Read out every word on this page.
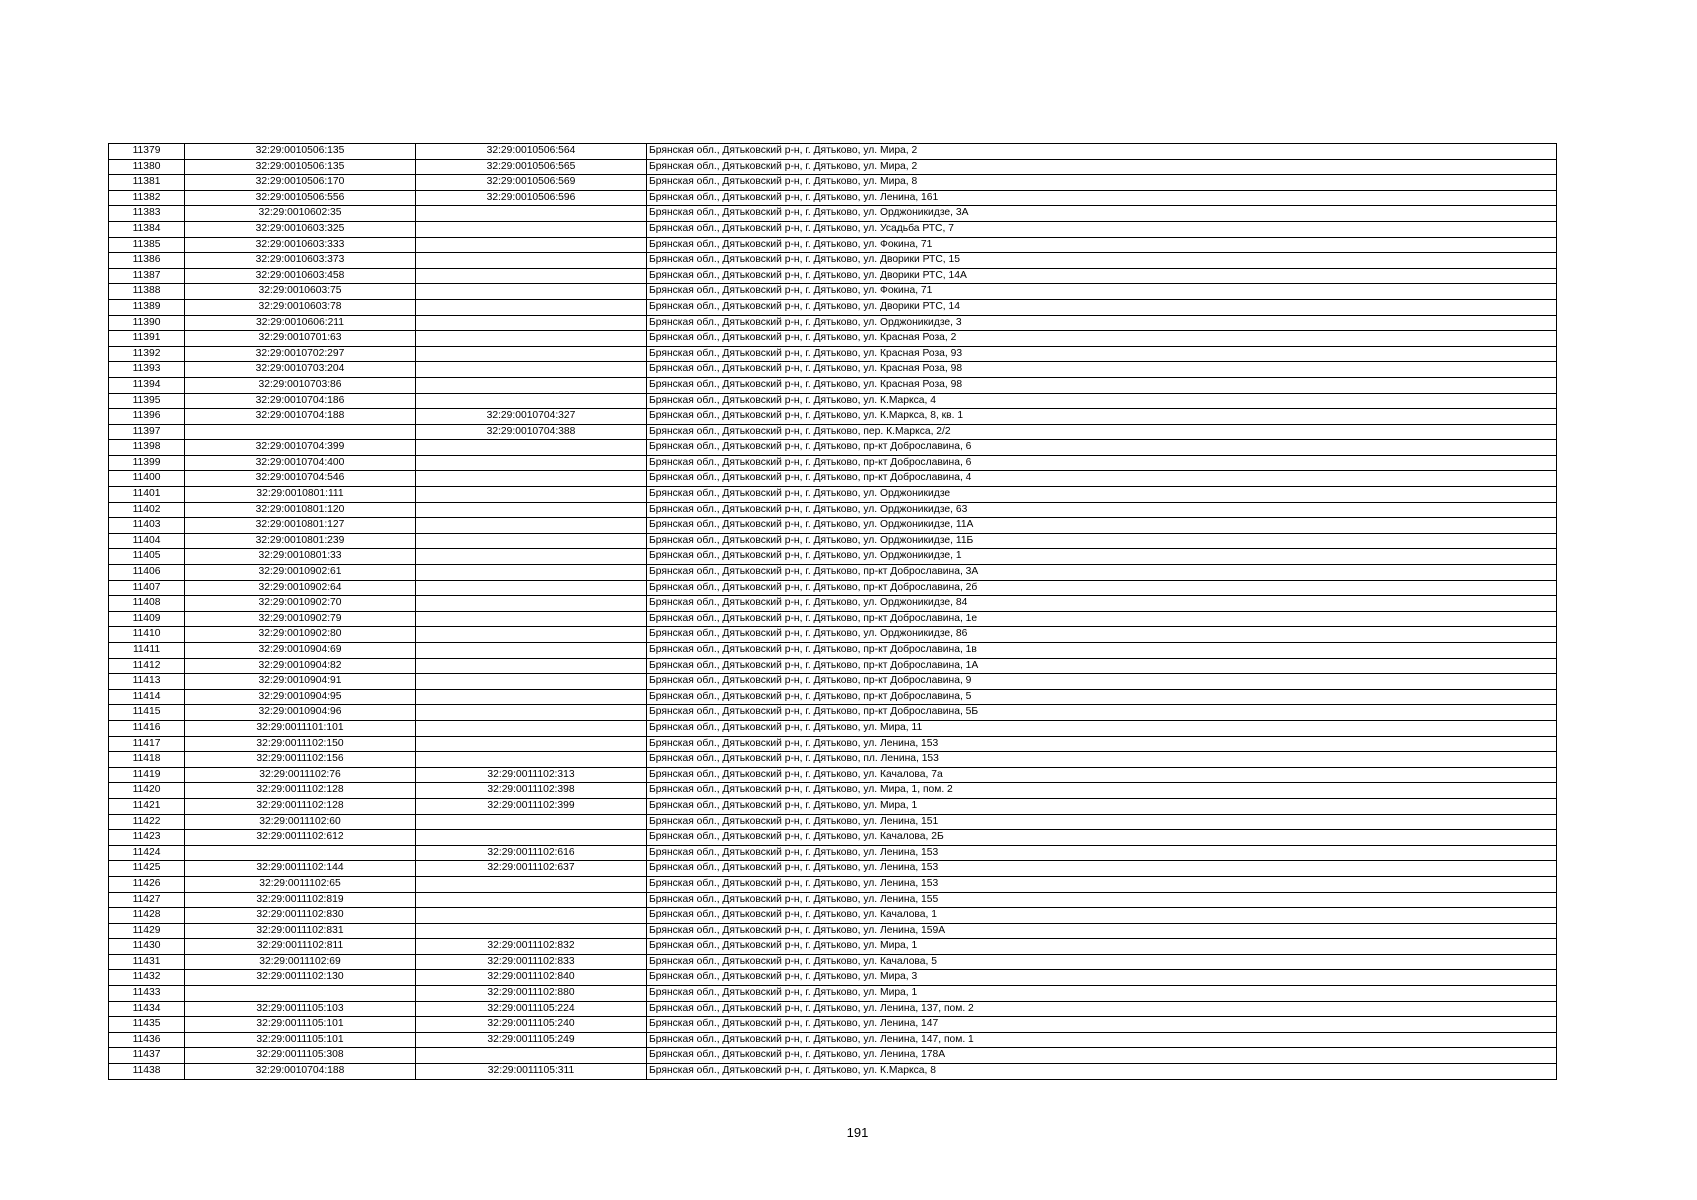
11379	32:29:0010506:135	32:29:0010506:564	Брянская обл., Дятьковский р-н, г. Дятьково, ул. Мира, 2
11380	32:29:0010506:135	32:29:0010506:565	Брянская обл., Дятьковский р-н, г. Дятьково, ул. Мира, 2
11381	32:29:0010506:170	32:29:0010506:569	Брянская обл., Дятьковский р-н, г. Дятьково, ул. Мира, 8
11382	32:29:0010506:556	32:29:0010506:596	Брянская обл., Дятьковский р-н, г. Дятьково, ул. Ленина, 161
11383	32:29:0010602:35		Брянская обл., Дятьковский р-н, г. Дятьково, ул. Орджоникидзе, 3А
11384	32:29:0010603:325		Брянская обл., Дятьковский р-н, г. Дятьково, ул. Усадьба РТС, 7
11385	32:29:0010603:333		Брянская обл., Дятьковский р-н, г. Дятьково, ул. Фокина, 71
11386	32:29:0010603:373		Брянская обл., Дятьковский р-н, г. Дятьково, ул. Дворики РТС, 15
11387	32:29:0010603:458		Брянская обл., Дятьковский р-н, г. Дятьково, ул. Дворики РТС, 14А
11388	32:29:0010603:75		Брянская обл., Дятьковский р-н, г. Дятьково, ул. Фокина, 71
11389	32:29:0010603:78		Брянская обл., Дятьковский р-н, г. Дятьково, ул. Дворики РТС, 14
11390	32:29:0010606:211		Брянская обл., Дятьковский р-н, г. Дятьково, ул. Орджоникидзе, 3
11391	32:29:0010701:63		Брянская обл., Дятьковский р-н, г. Дятьково, ул. Красная Роза, 2
11392	32:29:0010702:297		Брянская обл., Дятьковский р-н, г. Дятьково, ул. Красная Роза, 93
11393	32:29:0010703:204		Брянская обл., Дятьковский р-н, г. Дятьково, ул. Красная Роза, 98
11394	32:29:0010703:86		Брянская обл., Дятьковский р-н, г. Дятьково, ул. Красная Роза, 98
11395	32:29:0010704:186		Брянская обл., Дятьковский р-н, г. Дятьково, ул. К.Маркса, 4
11396	32:29:0010704:188	32:29:0010704:327	Брянская обл., Дятьковский р-н, г. Дятьково, ул. К.Маркса, 8, кв. 1
11397		32:29:0010704:388	Брянская обл., Дятьковский р-н, г. Дятьково, пер. К.Маркса, 2/2
11398	32:29:0010704:399		Брянская обл., Дятьковский р-н, г. Дятьково, пр-кт Доброславина, 6
11399	32:29:0010704:400		Брянская обл., Дятьковский р-н, г. Дятьково, пр-кт Доброславина, 6
11400	32:29:0010704:546		Брянская обл., Дятьковский р-н, г. Дятьково, пр-кт Доброславина, 4
11401	32:29:0010801:111		Брянская обл., Дятьковский р-н, г. Дятьково, ул. Орджоникидзе
11402	32:29:0010801:120		Брянская обл., Дятьковский р-н, г. Дятьково, ул. Орджоникидзе, 63
11403	32:29:0010801:127		Брянская обл., Дятьковский р-н, г. Дятьково, ул. Орджоникидзе, 11А
11404	32:29:0010801:239		Брянская обл., Дятьковский р-н, г. Дятьково, ул. Орджоникидзе, 11Б
11405	32:29:0010801:33		Брянская обл., Дятьковский р-н, г. Дятьково, ул. Орджоникидзе, 1
11406	32:29:0010902:61		Брянская обл., Дятьковский р-н, г. Дятьково, пр-кт Доброславина, 3А
11407	32:29:0010902:64		Брянская обл., Дятьковский р-н, г. Дятьково, пр-кт Доброславина, 2б
11408	32:29:0010902:70		Брянская обл., Дятьковский р-н, г. Дятьково, ул. Орджоникидзе, 84
11409	32:29:0010902:79		Брянская обл., Дятьковский р-н, г. Дятьково, пр-кт Доброславина, 1е
11410	32:29:0010902:80		Брянская обл., Дятьковский р-н, г. Дятьково, ул. Орджоникидзе, 86
11411	32:29:0010904:69		Брянская обл., Дятьковский р-н, г. Дятьково, пр-кт Доброславина, 1в
11412	32:29:0010904:82		Брянская обл., Дятьковский р-н, г. Дятьково, пр-кт Доброславина, 1А
11413	32:29:0010904:91		Брянская обл., Дятьковский р-н, г. Дятьково, пр-кт Доброславина, 9
11414	32:29:0010904:95		Брянская обл., Дятьковский р-н, г. Дятьково, пр-кт Доброславина, 5
11415	32:29:0010904:96		Брянская обл., Дятьковский р-н, г. Дятьково, пр-кт Доброславина, 5Б
11416	32:29:0011101:101		Брянская обл., Дятьковский р-н, г. Дятьково, ул. Мира, 11
11417	32:29:0011102:150		Брянская обл., Дятьковский р-н, г. Дятьково, ул. Ленина, 153
11418	32:29:0011102:156		Брянская обл., Дятьковский р-н, г. Дятьково, пл. Ленина, 153
11419	32:29:0011102:76	32:29:0011102:313	Брянская обл., Дятьковский р-н, г. Дятьково, ул. Качалова, 7а
11420	32:29:0011102:128	32:29:0011102:398	Брянская обл., Дятьковский р-н, г. Дятьково, ул. Мира, 1, пом. 2
11421	32:29:0011102:128	32:29:0011102:399	Брянская обл., Дятьковский р-н, г. Дятьково, ул. Мира, 1
11422	32:29:0011102:60		Брянская обл., Дятьковский р-н, г. Дятьково, ул. Ленина, 151
11423	32:29:0011102:612		Брянская обл., Дятьковский р-н, г. Дятьково, ул. Качалова, 2Б
11424		32:29:0011102:616	Брянская обл., Дятьковский р-н, г. Дятьково, ул. Ленина, 153
11425	32:29:0011102:144	32:29:0011102:637	Брянская обл., Дятьковский р-н, г. Дятьково, ул. Ленина, 153
11426	32:29:0011102:65		Брянская обл., Дятьковский р-н, г. Дятьково, ул. Ленина, 153
11427	32:29:0011102:819		Брянская обл., Дятьковский р-н, г. Дятьково, ул. Ленина, 155
11428	32:29:0011102:830		Брянская обл., Дятьковский р-н, г. Дятьково, ул. Качалова, 1
11429	32:29:0011102:831		Брянская обл., Дятьковский р-н, г. Дятьково, ул. Ленина, 159А
11430	32:29:0011102:811	32:29:0011102:832	Брянская обл., Дятьковский р-н, г. Дятьково, ул. Мира, 1
11431	32:29:0011102:69	32:29:0011102:833	Брянская обл., Дятьковский р-н, г. Дятьково, ул. Качалова, 5
11432	32:29:0011102:130	32:29:0011102:840	Брянская обл., Дятьковский р-н, г. Дятьково, ул. Мира, 3
11433		32:29:0011102:880	Брянская обл., Дятьковский р-н, г. Дятьково, ул. Мира, 1
11434	32:29:0011105:103	32:29:0011105:224	Брянская обл., Дятьковский р-н, г. Дятьково, ул. Ленина, 137, пом. 2
11435	32:29:0011105:101	32:29:0011105:240	Брянская обл., Дятьковский р-н, г. Дятьково, ул. Ленина, 147
11436	32:29:0011105:101	32:29:0011105:249	Брянская обл., Дятьковский р-н, г. Дятьково, ул. Ленина, 147, пом. 1
11437	32:29:0011105:308		Брянская обл., Дятьковский р-н, г. Дятьково, ул. Ленина, 178А
11438	32:29:0010704:188	32:29:0011105:311	Брянская обл., Дятьковский р-н, г. Дятьково, ул. К.Маркса, 8
191
